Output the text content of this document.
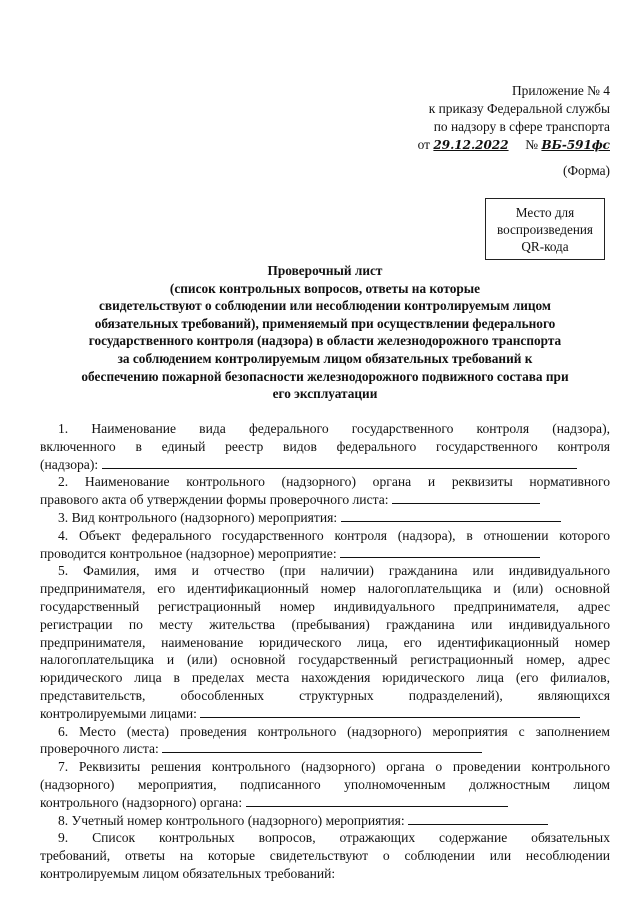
Приложение № 4
к приказу Федеральной службы
по надзору в сфере транспорта
от 29.12.2022 № ВБ-591фс
(Форма)
Место для
воспроизведения
QR-кода
Проверочный лист
(список контрольных вопросов, ответы на которые
свидетельствуют о соблюдении или несоблюдении контролируемым лицом
обязательных требований), применяемый при осуществлении федерального
государственного контроля (надзора) в области железнодорожного транспорта
за соблюдением контролируемым лицом обязательных требований к
обеспечению пожарной безопасности железнодорожного подвижного состава при
его эксплуатации
1. Наименование вида федерального государственного контроля (надзора),
включенного в единый реестр видов федерального государственного контроля
(надзора):
2. Наименование контрольного (надзорного) органа и реквизиты нормативного
правового акта об утверждении формы проверочного листа:
3. Вид контрольного (надзорного) мероприятия:
4. Объект федерального государственного контроля (надзора), в отношении которого
проводится контрольное (надзорное) мероприятие:
5. Фамилия, имя и отчество (при наличии) гражданина или индивидуального
предпринимателя, его идентификационный номер налогоплательщика и (или) основной
государственный регистрационный номер индивидуального предпринимателя, адрес
регистрации по месту жительства (пребывания) гражданина или индивидуального
предпринимателя, наименование юридического лица, его идентификационный номер
налогоплательщика и (или) основной государственный регистрационный номер, адрес
юридического лица в пределах места нахождения юридического лица (его филиалов,
представительств, обособленных структурных подразделений), являющихся
контролируемыми лицами:
6. Место (места) проведения контрольного (надзорного) мероприятия с заполнением
проверочного листа:
7. Реквизиты решения контрольного (надзорного) органа о проведении контрольного
(надзорного) мероприятия, подписанного уполномоченным должностным лицом
контрольного (надзорного) органа:
8. Учетный номер контрольного (надзорного) мероприятия:
9. Список контрольных вопросов, отражающих содержание обязательных
требований, ответы на которые свидетельствуют о соблюдении или несоблюдении
контролируемым лицом обязательных требований:
